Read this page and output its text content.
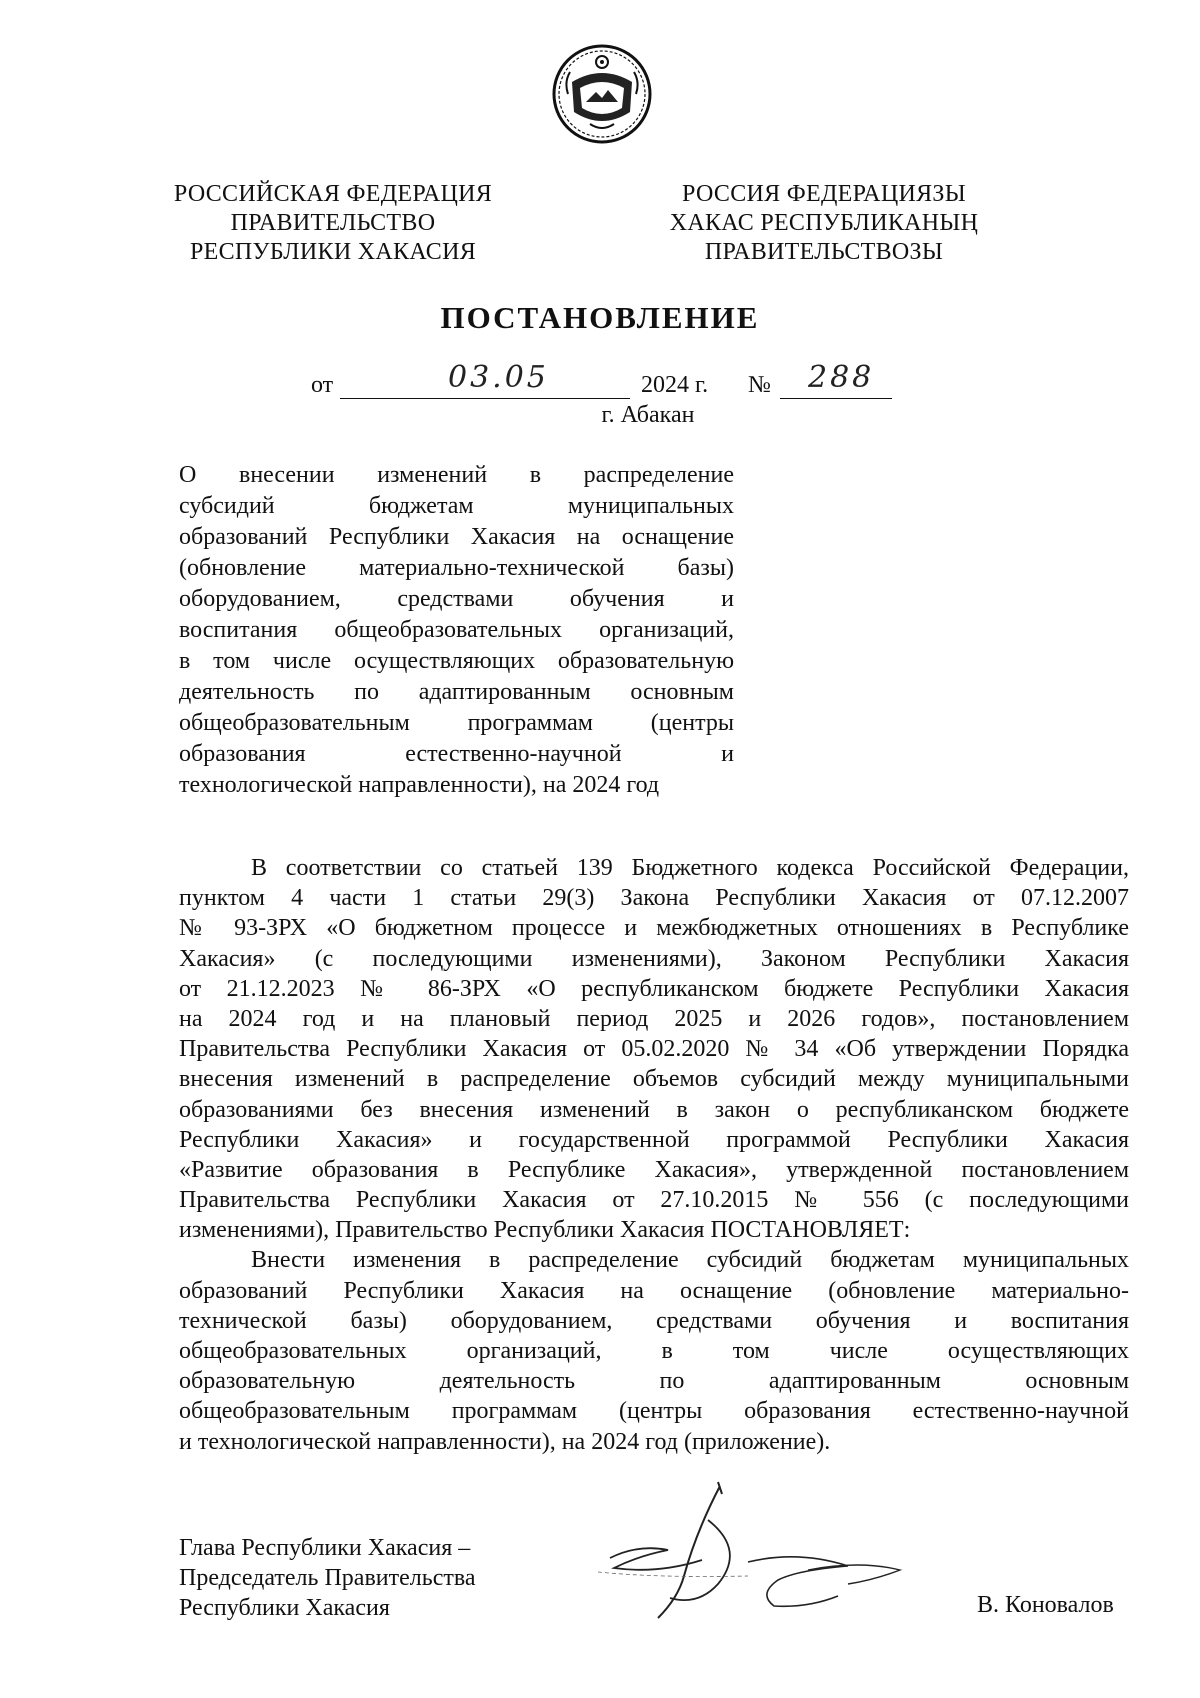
РОССИЙСКАЯ ФЕДЕРАЦИЯ
ПРАВИТЕЛЬСТВО
РЕСПУБЛИКИ ХАКАСИЯ
РОССИЯ ФЕДЕРАЦИЯЗЫ
ХАКАС РЕСПУБЛИКАНЫҢ
ПРАВИТЕЛЬСТВОЗЫ
ПОСТАНОВЛЕНИЕ
от	03.05	2024 г. № 288
г. Абакан
О внесении изменений в распределение
субсидий бюджетам муниципальных
образований Республики Хакасия на оснащение
(обновление материально-технической базы)
оборудованием, средствами обучения и
воспитания общеобразовательных организаций,
в том числе осуществляющих образовательную
деятельность по адаптированным основным
общеобразовательным программам (центры
образования естественно-научной и
технологической направленности), на 2024 год
В соответствии со статьей 139 Бюджетного кодекса Российской Федерации,
пунктом 4 части 1 статьи 29(3) Закона Республики Хакасия от 07.12.2007
№ 93-ЗРХ «О бюджетном процессе и межбюджетных отношениях в Республике
Хакасия» (с последующими изменениями), Законом Республики Хакасия
от 21.12.2023 № 86-ЗРХ «О республиканском бюджете Республики Хакасия
на 2024 год и на плановый период 2025 и 2026 годов», постановлением
Правительства Республики Хакасия от 05.02.2020 № 34 «Об утверждении Порядка
внесения изменений в распределение объемов субсидий между муниципальными
образованиями без внесения изменений в закон о республиканском бюджете
Республики Хакасия» и государственной программой Республики Хакасия
«Развитие образования в Республике Хакасия», утвержденной постановлением
Правительства Республики Хакасия от 27.10.2015 № 556 (с последующими
изменениями), Правительство Республики Хакасия ПОСТАНОВЛЯЕТ:
Внести изменения в распределение субсидий бюджетам муниципальных
образований Республики Хакасия на оснащение (обновление материально-
технической базы) оборудованием, средствами обучения и воспитания
общеобразовательных организаций, в том числе осуществляющих
образовательную деятельность по адаптированным основным
общеобразовательным программам (центры образования естественно-научной
и технологической направленности), на 2024 год (приложение).
Глава Республики Хакасия –
Председатель Правительства
Республики Хакасия	В. Коновалов
